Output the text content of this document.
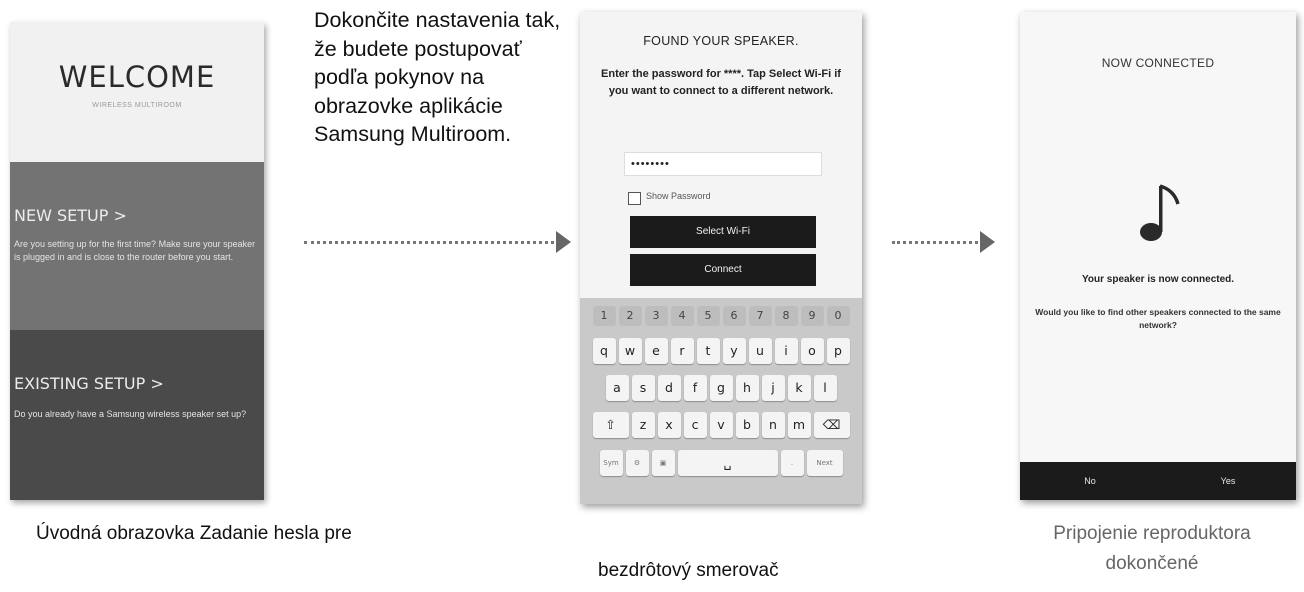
WELCOME
WIRELESS MULTIROOM
NEW SETUP >
Are you setting up for the first time? Make sure your speaker is plugged in and is close to the router before you start.
EXISTING SETUP >
Do you already have a Samsung wireless speaker set up?
Dokončite nastavenia tak, že budete postupovať podľa pokynov na obrazovke aplikácie Samsung Multiroom.
FOUND YOUR SPEAKER.
Enter the password for ****. Tap Select Wi-Fi if you want to connect to a different network.
••••••••
Show Password
Select Wi-Fi
Connect
1	2	3	4	5	6	7	8	9	0
q	w	e	r	t	y	u	i	o	p
a	s	d	f	g	h	j	k	l
⇧	z	x	c	v	b	n	m	⌫
Sym	⚙	▣	␣	.	Next
NOW CONNECTED
Your speaker is now connected.
Would you like to find other speakers connected to the same network?
No	Yes
Úvodná obrazovka Zadanie hesla pre
bezdrôtový smerovač
Pripojenie reproduktora
dokončené
